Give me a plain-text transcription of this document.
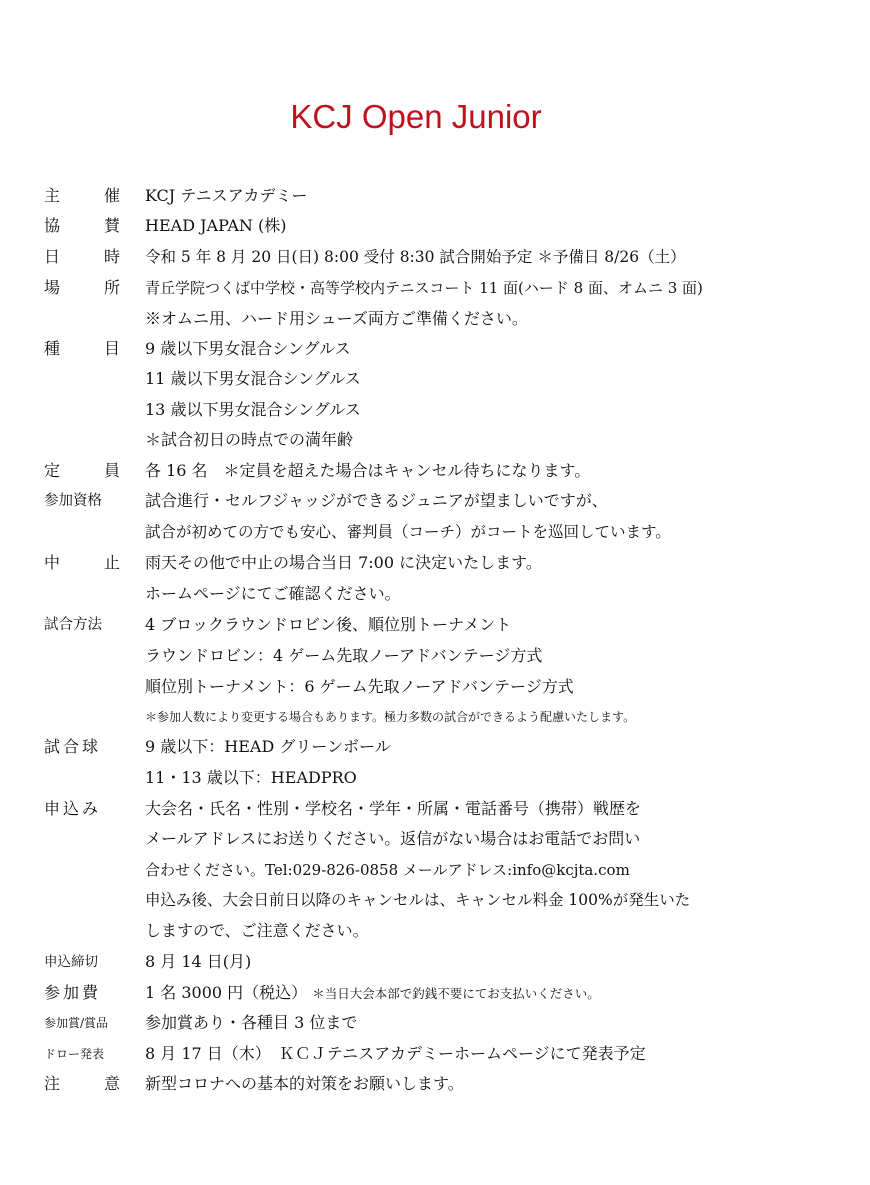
KCJ Open Junior
主　催 KCJ テニスアカデミー
協　賛 HEAD JAPAN (株)
日　時 令和 5 年 8 月 20 日(日) 8:00 受付 8:30 試合開始予定 ＊予備日 8/26（土）
場　所 青丘学院つくば中学校・高等学校内テニスコート 11 面(ハード 8 面、オムニ 3 面)
※オムニ用、ハード用シューズ両方ご準備ください。
種　目 9 歳以下男女混合シングルス
11 歳以下男女混合シングルス
13 歳以下男女混合シングルス
＊試合初日の時点での満年齢
定　員 各 16 名　＊定員を超えた場合はキャンセル待ちになります。
参加資格	試合進行・セルフジャッジができるジュニアが望ましいですが、
試合が初めての方でも安心、審判員（コーチ）がコートを巡回しています。
中　止 雨天その他で中止の場合当日 7:00 に決定いたします。
ホームページにてご確認ください。
試合方法	4 ブロックラウンドロビン後、順位別トーナメント
ラウンドロビン：4 ゲーム先取ノーアドバンテージ方式
順位別トーナメント：6 ゲーム先取ノーアドバンテージ方式
＊参加人数により変更する場合もあります。極力多数の試合ができるよう配慮いたします。
試合球	9 歳以下：HEAD グリーンボール
11・13 歳以下：HEADPRO
申込み	大会名・氏名・性別・学校名・学年・所属・電話番号（携帯）戦歴を
メールアドレスにお送りください。返信がない場合はお電話でお問い
合わせください。Tel:029-826-0858 メールアドレス:info@kcjta.com
申込み後、大会日前日以降のキャンセルは、キャンセル料金 100%が発生いた
しますので、ご注意ください。
申込締切	8 月 14 日(月)
参加費	1 名 3000 円（税込） ＊当日大会本部で釣銭不要にてお支払いください。
参加賞/賞品	参加賞あり・各種目 3 位まで
ドロー発表	8 月 17 日（木）　ＫＣＪテニスアカデミーホームページにて発表予定
注　意 新型コロナへの基本的対策をお願いします。
